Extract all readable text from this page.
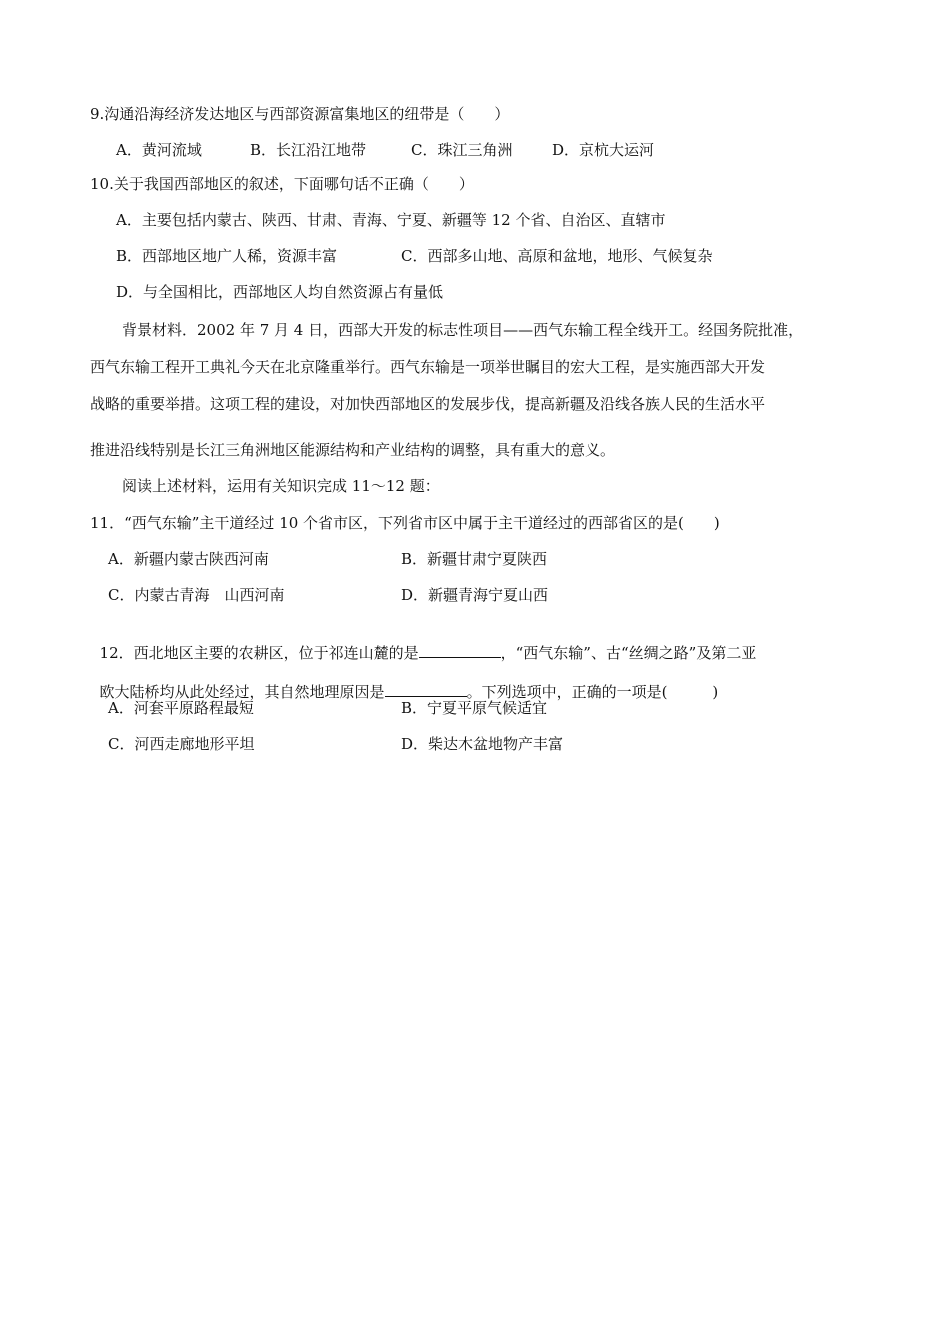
9.沟通沿海经济发达地区与西部资源富集地区的纽带是（　　）
A．黄河流域	B．长江沿江地带	C．珠江三角洲	D．京杭大运河
10.关于我国西部地区的叙述，下面哪句话不正确（　　）
A．主要包括内蒙古、陕西、甘肃、青海、宁夏、新疆等 12 个省、自治区、直辖市
B．西部地区地广人稀，资源丰富	C．西部多山地、高原和盆地，地形、气候复杂
D．与全国相比，西部地区人均自然资源占有量低
背景材料．2002 年 7 月 4 日，西部大开发的标志性项目——西气东输工程全线开工。经国务院批准，
西气东输工程开工典礼今天在北京隆重举行。西气东输是一项举世瞩目的宏大工程，是实施西部大开发
战略的重要举措。这项工程的建设，对加快西部地区的发展步伐，提高新疆及沿线各族人民的生活水平
推进沿线特别是长江三角洲地区能源结构和产业结构的调整，具有重大的意义。
阅读上述材料，运用有关知识完成 11～12 题：
11．“西气东输”主干道经过 10 个省市区，下列省市区中属于主干道经过的西部省区的是(　　)
A．新疆内蒙古陕西河南	B．新疆甘肃宁夏陕西
C．内蒙古青海　山西河南	D．新疆青海宁夏山西

12．西北地区主要的农耕区，位于祁连山麓的是	，“西气东输”、古“丝绸之路”及第二亚

欧大陆桥均从此处经过，其自然地理原因是	。下列选项中，正确的一项是(　　　)

A．河套平原路程最短	B．宁夏平原气候适宜
C．河西走廊地形平坦	D．柴达木盆地物产丰富
